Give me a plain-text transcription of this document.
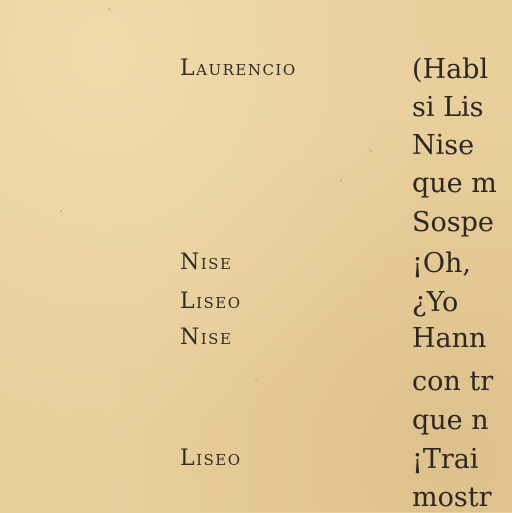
Laurencio	(Habl
si Lis
Nise
que m
Sospe
Nise	¡Oh,
Liseo	¿Yo
Nise	Hann
con tr
que n
Liseo	¡Trai
mostr
